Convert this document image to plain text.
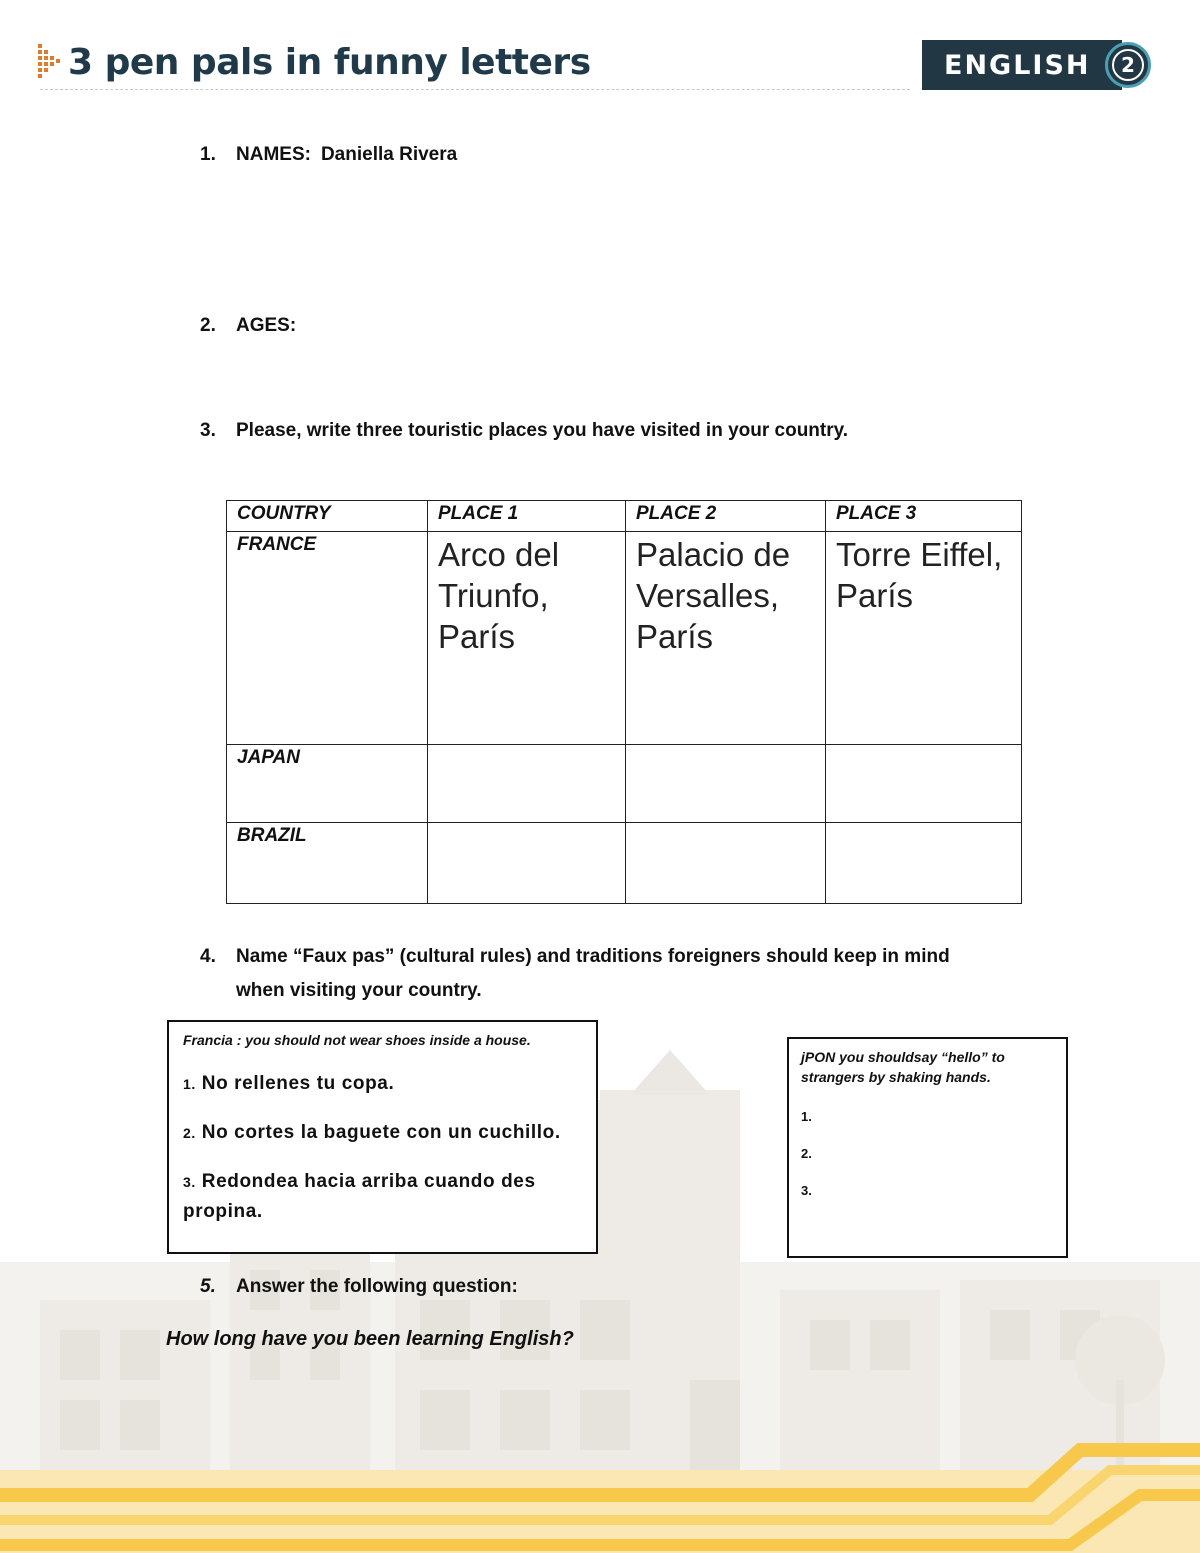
3 pen pals in funny letters	ENGLISH	2
1. NAMES: Daniella Rivera
2. AGES:
3. Please, write three touristic places you have visited in your country.
COUNTRY	PLACE 1	PLACE 2	PLACE 3
FRANCE	Arco del Triunfo, París	Palacio de Versalles, París	Torre Eiffel, París
JAPAN			
BRAZIL			
4. Name “Faux pas” (cultural rules) and traditions foreigners should keep in mind
when visiting your country.
Francia : you should not wear shoes inside a house.
1. No rellenes tu copa.
2. No cortes la baguete con un cuchillo.
3. Redondea hacia arriba cuando des propina.
jPON you shouldsay “hello” to strangers by shaking hands.
1.
2.
3.
5. Answer the following question:
How long have you been learning English?
